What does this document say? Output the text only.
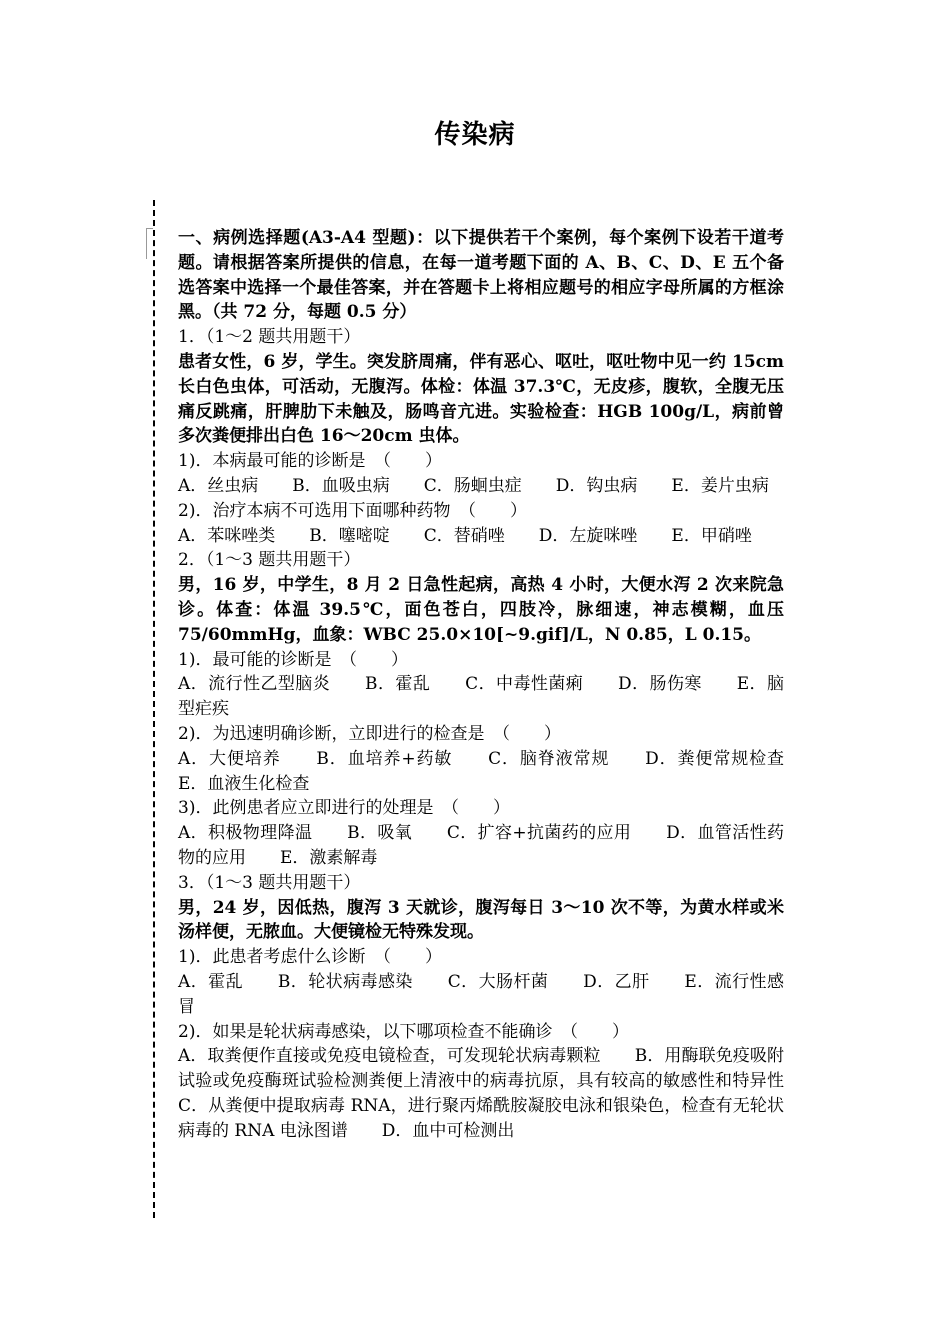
传染病

一、病例选择题(A3-A4 型题)：以下提供若干个案例，每个案例下设若干道考题。请根据答案所提供的信息，在每一道考题下面的 A、B、C、D、E 五个备选答案中选择一个最佳答案，并在答题卡上将相应题号的相应字母所属的方框涂黑。（共 72 分，每题 0.5 分）

1．（1～2 题共用题干）

患者女性，6 岁，学生。突发脐周痛，伴有恶心、呕吐，呕吐物中见一约 15cm 长白色虫体，可活动，无腹泻。体检：体温 37.3℃，无皮疹，腹软，全腹无压痛反跳痛，肝脾肋下未触及，肠鸣音亢进。实验检查：HGB 100g/L，病前曾多次粪便排出白色 16～20cm 虫体。

1)．本病最可能的诊断是　（　　）

A．丝虫病　　B．血吸虫病　　C．肠蛔虫症　　D．钩虫病　　E．姜片虫病

2)．治疗本病不可选用下面哪种药物　（　　）

A．苯咪唑类　　B．噻嘧啶　　C．替硝唑　　D．左旋咪唑　　E．甲硝唑

2．（1～3 题共用题干）

男，16 岁，中学生，8 月 2 日急性起病，高热 4 小时，大便水泻 2 次来院急诊。体查：体温 39.5℃，面色苍白，四肢冷，脉细速，神志模糊，血压 75/60mmHg，血象：WBC 25.0×10[~9.gif]/L，N 0.85，L 0.15。

1)．最可能的诊断是　（　　）

A．流行性乙型脑炎　　B．霍乱　　C．中毒性菌痢　　D．肠伤寒　　E．脑型疟疾

2)．为迅速明确诊断，立即进行的检查是　（　　）

A．大便培养　　B．血培养+药敏　　C．脑脊液常规　　D．粪便常规检查　　E．血液生化检查

3)．此例患者应立即进行的处理是　（　　）

A．积极物理降温　　B．吸氧　　C．扩容+抗菌药的应用　　D．血管活性药物的应用　　E．激素解毒

3．（1～3 题共用题干）

男，24 岁，因低热，腹泻 3 天就诊，腹泻每日 3～10 次不等，为黄水样或米汤样便，无脓血。大便镜检无特殊发现。

1)．此患者考虑什么诊断　（　　）

A．霍乱　　B．轮状病毒感染　　C．大肠杆菌　　D．乙肝　　E．流行性感冒

2)．如果是轮状病毒感染，以下哪项检查不能确诊　（　　）

A．取粪便作直接或免疫电镜检查，可发现轮状病毒颗粒　　B．用酶联免疫吸附试验或免疫酶斑试验检测粪便上清液中的病毒抗原，具有较高的敏感性和特异性　　C．从粪便中提取病毒 RNA，进行聚丙烯酰胺凝胶电泳和银染色，检查有无轮状病毒的 RNA 电泳图谱　　D．血中可检测出
